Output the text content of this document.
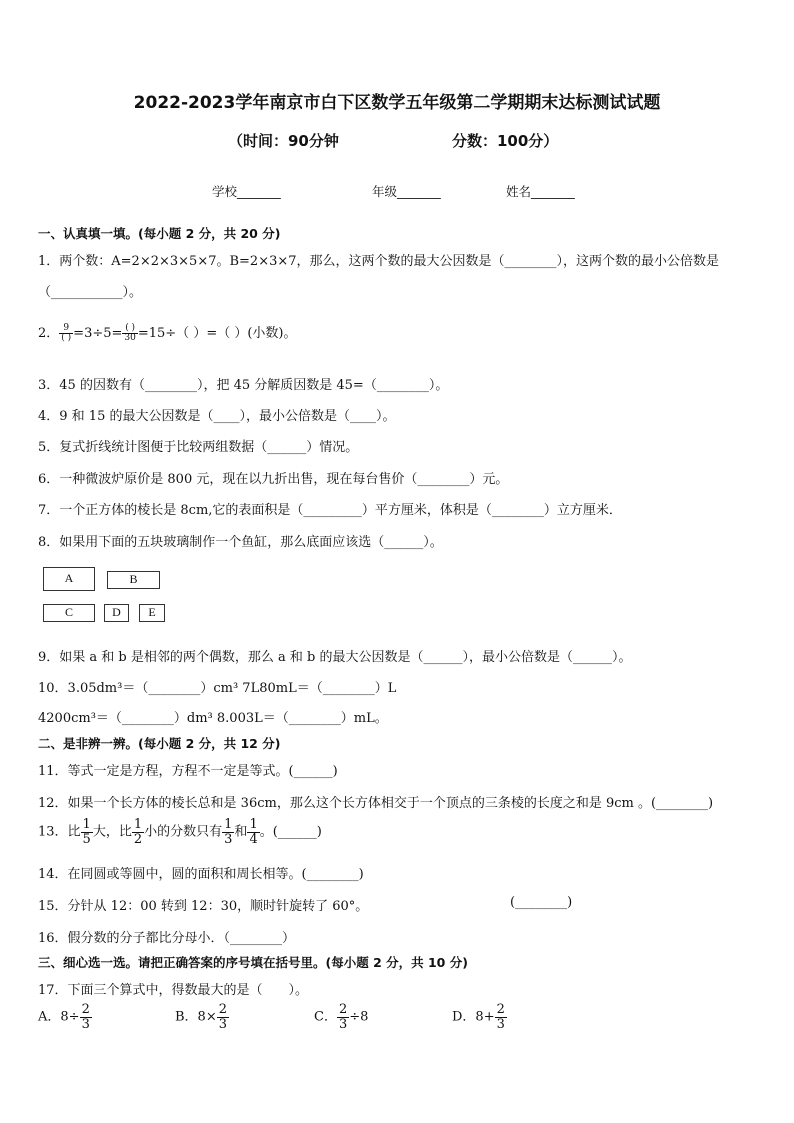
2022-2023学年南京市白下区数学五年级第二学期期末达标测试试题
（时间：90分钟	分数：100分）
学校_______	年级_______	姓名_______
一、认真填一填。(每小题 2 分，共 20 分)
1．两个数：A=2×2×3×5×7。B=2×3×7，那么，这两个数的最大公因数是（________），这两个数的最小公倍数是
（___________）。
2． $\frac{9}{( )} =3\div 5= \frac{( )}{30} =15\div$（ ）=（ ）(小数)。
3．45 的因数有（________），把 45 分解质因数是 45=（________）。
4．9 和 15 的最大公因数是（____），最小公倍数是（____）。
5．复式折线统计图便于比较两组数据（______）情况。
6．一种微波炉原价是 800 元，现在以九折出售，现在每台售价（________）元。
7．一个正方体的棱长是 8cm,它的表面积是（_________）平方厘米，体积是（________）立方厘米．
8．如果用下面的五块玻璃制作一个鱼缸，那么底面应该选（______）。
A	B
C	D	E
9．如果 a 和 b 是相邻的两个偶数，那么 a 和 b 的最大公因数是（______），最小公倍数是（______）。
10．3.05dm³＝（________）cm³ 7L80mL＝（________）L
4200cm³＝（________）dm³ 8.003L＝（________）mL。
二、是非辨一辨。(每小题 2 分，共 12 分)
11．等式一定是方程，方程不一定是等式。(______)
12．如果一个长方体的棱长总和是 36cm，那么这个长方体相交于一个顶点的三条棱的长度之和是 9cm 。(________)
13．比 $\frac{1}{5}$ 大，比 $\frac{1}{2}$ 小的分数只有 $\frac{1}{3}$ 和 $\frac{1}{4}$ 。(______)
14．在同圆或等圆中，圆的面积和周长相等。(________)
15．分针从 12：00 转到 12：30，顺时针旋转了 60°。	(________)
16．假分数的分子都比分母小．（________）
三、细心选一选。请把正确答案的序号填在括号里。(每小题 2 分，共 10 分)
17．下面三个算式中，得数最大的是（　　）。
A．$8\div \frac{2}{3}$	B．$8\times \frac{2}{3}$	C． $\frac{2}{3} \div 8$	D．$8+ \frac{2}{3}$
